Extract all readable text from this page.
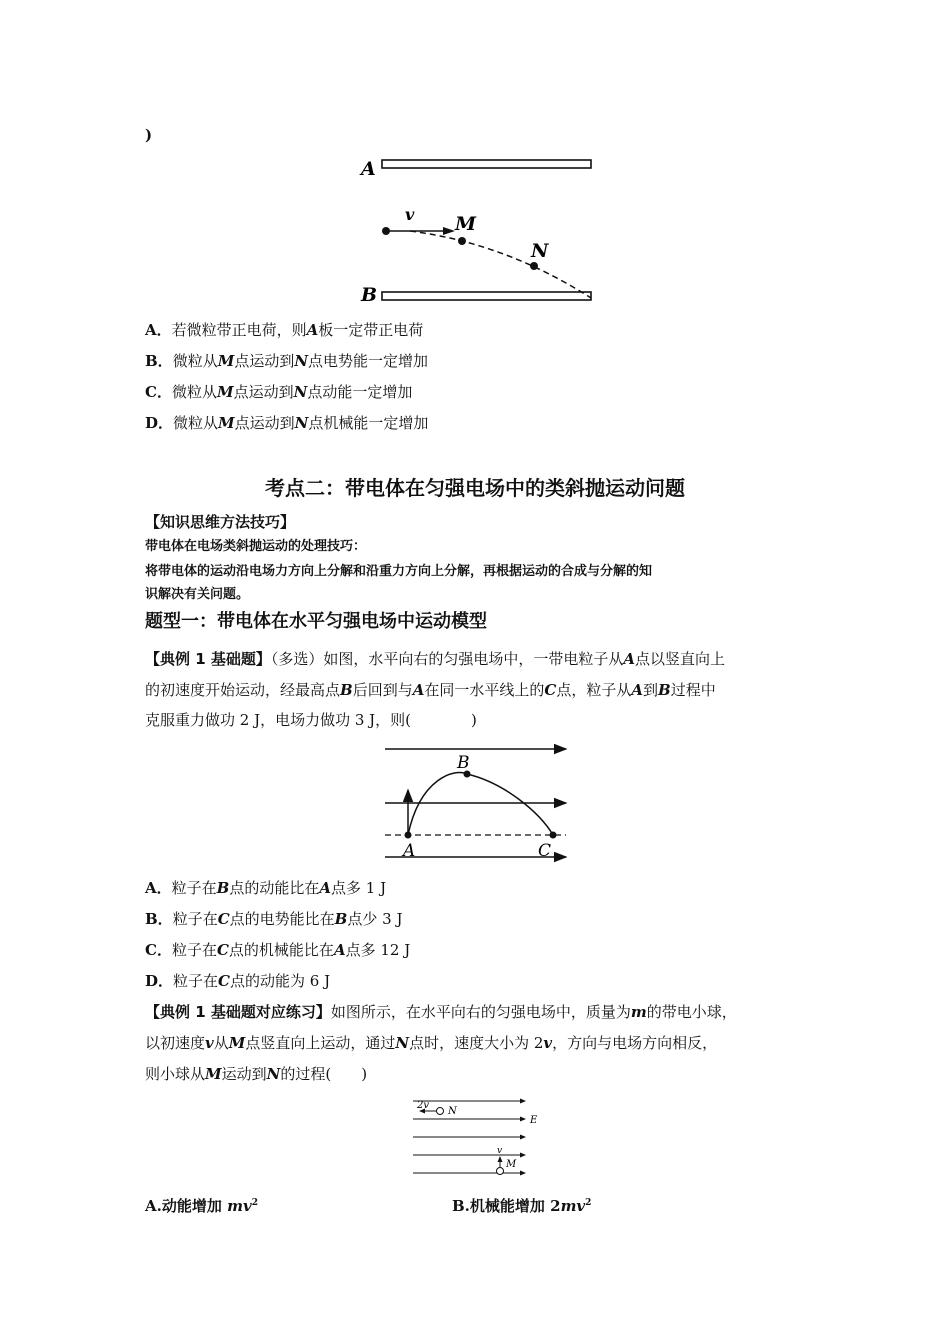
)
A
B
v M
N
A．若微粒带正电荷，则A板一定带正电荷
B．微粒从M点运动到N点电势能一定增加
C．微粒从M点运动到N点动能一定增加
D．微粒从M点运动到N点机械能一定增加
考点二：带电体在匀强电场中的类斜抛运动问题
【知识思维方法技巧】
带电体在电场类斜抛运动的处理技巧：
将带电体的运动沿电场力方向上分解和沿重力方向上分解，再根据运动的合成与分解的知
识解决有关问题。
题型一：带电体在水平匀强电场中运动模型
【典例 1 基础题】（多选）如图，水平向右的匀强电场中，一带电粒子从A点以竖直向上
的初速度开始运动，经最高点B后回到与A在同一水平线上的C点，粒子从A到B过程中
克服重力做功 2 J，电场力做功 3 J，则(　　　　)
A
B
C
A．粒子在B点的动能比在A点多 1 J
B．粒子在C点的电势能比在B点少 3 J
C．粒子在C点的机械能比在A点多 12 J
D．粒子在C点的动能为 6 J
【典例 1 基础题对应练习】如图所示，在水平向右的匀强电场中，质量为m的带电小球，
以初速度v从M点竖直向上运动，通过N点时，速度大小为 2v，方向与电场方向相反，
则小球从M运动到N的过程(　　)
2v
N
E
v
M
A.动能增加 $mv^2$	B.机械能增加 $2mv^2$
